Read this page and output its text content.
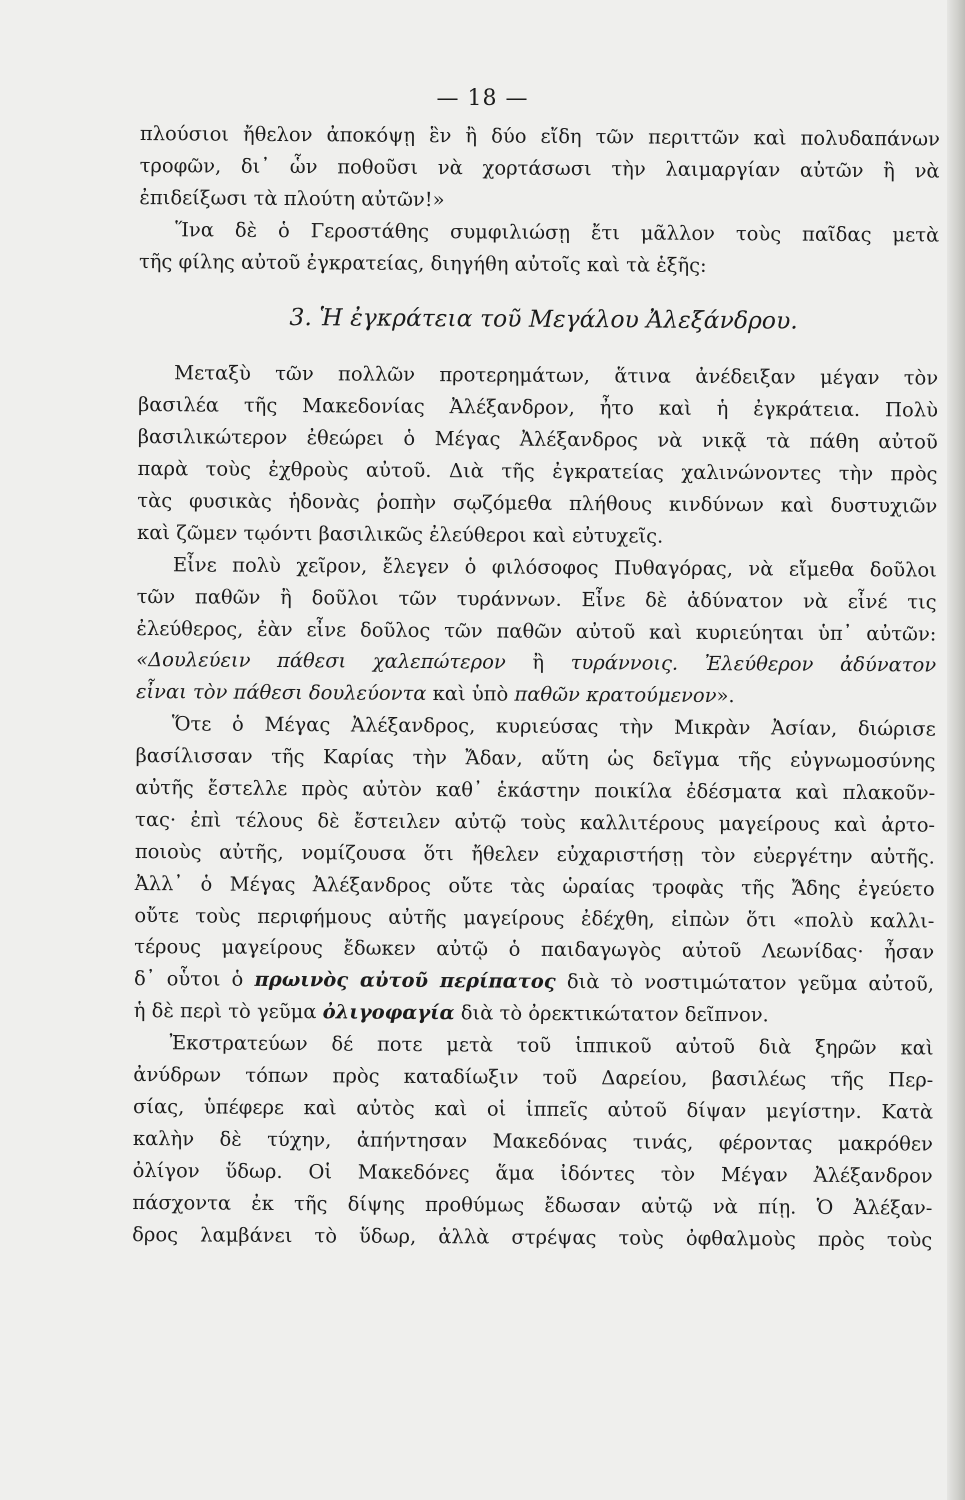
— 18 —
πλούσιοι ἤθελον ἀποκόψῃ ἓν ἢ δύο εἴδη τῶν περιττῶν καὶ πολυδαπάνων
τροφῶν, δι᾽ ὧν ποθοῦσι νὰ χορτάσωσι τὴν λαιμαργίαν αὐτῶν ἢ νὰ
ἐπιδείξωσι τὰ πλούτη αὐτῶν!»
Ἵνα δὲ ὁ Γεροστάθης συμφιλιώσῃ ἔτι μᾶλλον τοὺς παῖδας μετὰ
τῆς φίλης αὐτοῦ ἐγκρατείας, διηγήθη αὐτοῖς καὶ τὰ ἑξῆς:
3. Ἡ ἐγκράτεια τοῦ Μεγάλου Ἀλεξάνδρου.
Μεταξὺ τῶν πολλῶν προτερημάτων, ἅτινα ἀνέδειξαν μέγαν τὸν
βασιλέα τῆς Μακεδονίας Ἀλέξανδρον, ἦτο καὶ ἡ ἐγκράτεια. Πολὺ
βασιλικώτερον ἐθεώρει ὁ Μέγας Ἀλέξανδρος νὰ νικᾷ τὰ πάθη αὐτοῦ
παρὰ τοὺς ἐχθροὺς αὐτοῦ. Διὰ τῆς ἐγκρατείας χαλινώνοντες τὴν πρὸς
τὰς φυσικὰς ἡδονὰς ῥοπὴν σῳζόμεθα πλήθους κινδύνων καὶ δυστυχιῶν
καὶ ζῶμεν τῳόντι βασιλικῶς ἐλεύθεροι καὶ εὐτυχεῖς.
Εἶνε πολὺ χεῖρον, ἔλεγεν ὁ φιλόσοφος Πυθαγόρας, νὰ εἴμεθα δοῦλοι
τῶν παθῶν ἢ δοῦλοι τῶν τυράννων. Εἶνε δὲ ἀδύνατον νὰ εἶνέ τις
ἐλεύθερος, ἐὰν εἶνε δοῦλος τῶν παθῶν αὐτοῦ καὶ κυριεύηται ὑπ᾽ αὐτῶν:
«Δουλεύειν πάθεσι χαλεπώτερον ἢ τυράννοις. Ἐλεύθερον ἀδύνατον
εἶναι τὸν πάθεσι δουλεύοντα καὶ ὑπὸ παθῶν κρατούμενον».
Ὅτε ὁ Μέγας Ἀλέξανδρος, κυριεύσας τὴν Μικρὰν Ἀσίαν, διώρισε
βασίλισσαν τῆς Καρίας τὴν Ἄδαν, αὕτη ὡς δεῖγμα τῆς εὐγνωμοσύνης
αὐτῆς ἔστελλε πρὸς αὐτὸν καθ᾽ ἑκάστην ποικίλα ἐδέσματα καὶ πλακοῦν-
τας· ἐπὶ τέλους δὲ ἔστειλεν αὐτῷ τοὺς καλλιτέρους μαγείρους καὶ ἀρτο-
ποιοὺς αὐτῆς, νομίζουσα ὅτι ἤθελεν εὐχαριστήσῃ τὸν εὐεργέτην αὐτῆς.
Ἀλλ᾽ ὁ Μέγας Ἀλέξανδρος οὔτε τὰς ὡραίας τροφὰς τῆς Ἄδης ἐγεύετο
οὔτε τοὺς περιφήμους αὐτῆς μαγείρους ἐδέχθη, εἰπὼν ὅτι «πολὺ καλλι-
τέρους μαγείρους ἔδωκεν αὐτῷ ὁ παιδαγωγὸς αὐτοῦ Λεωνίδας· ἦσαν
δ᾽ οὗτοι ὁ πρωινὸς αὐτοῦ περίπατος διὰ τὸ νοστιμώτατον γεῦμα αὐτοῦ,
ἡ δὲ περὶ τὸ γεῦμα ὀλιγοφαγία διὰ τὸ ὀρεκτικώτατον δεῖπνον.
Ἐκστρατεύων δέ ποτε μετὰ τοῦ ἱππικοῦ αὐτοῦ διὰ ξηρῶν καὶ
ἀνύδρων τόπων πρὸς καταδίωξιν τοῦ Δαρείου, βασιλέως τῆς Περ-
σίας, ὑπέφερε καὶ αὐτὸς καὶ οἱ ἱππεῖς αὐτοῦ δίψαν μεγίστην. Κατὰ
καλὴν δὲ τύχην, ἀπήντησαν Μακεδόνας τινάς, φέροντας μακρόθεν
ὀλίγον ὕδωρ. Οἱ Μακεδόνες ἅμα ἰδόντες τὸν Μέγαν Ἀλέξανδρον
πάσχοντα ἐκ τῆς δίψης προθύμως ἔδωσαν αὐτῷ νὰ πίῃ. Ὁ Ἀλέξαν-
δρος λαμβάνει τὸ ὕδωρ, ἀλλὰ στρέψας τοὺς ὀφθαλμοὺς πρὸς τοὺς
